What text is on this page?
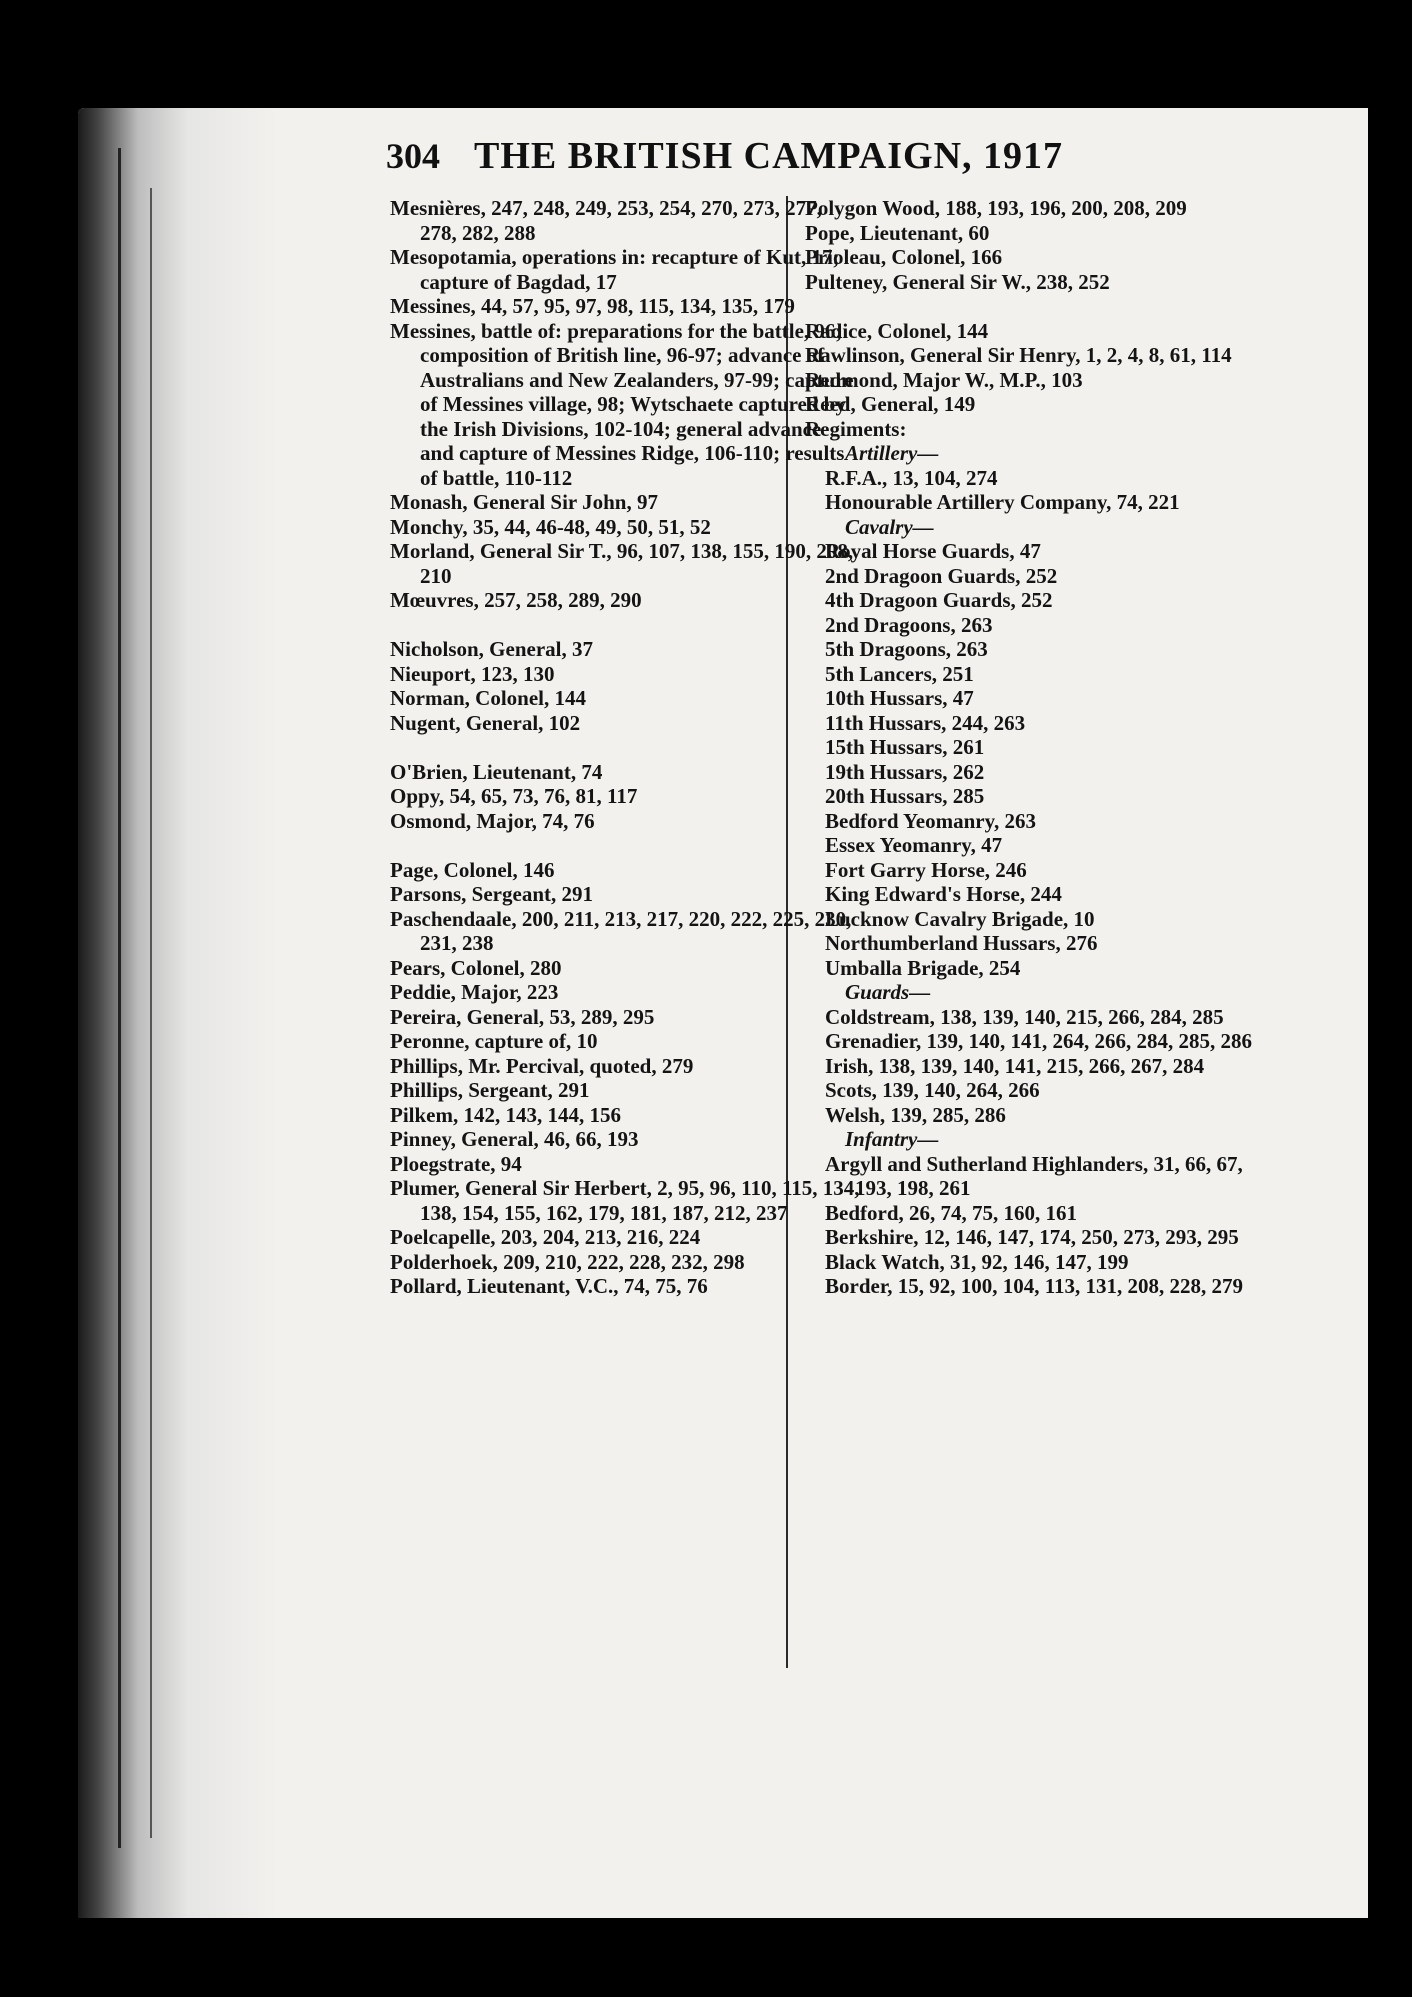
304 THE BRITISH CAMPAIGN, 1917
Mesnières, 247, 248, 249, 253, 254, 270, 273, 277, 278, 282, 288
Mesopotamia, operations in: recapture of Kut, 17; capture of Bagdad, 17
Messines, 44, 57, 95, 97, 98, 115, 134, 135, 179
Messines, battle of: preparations for the battle, 96; composition of British line, 96-97; advance of Australians and New Zealanders, 97-99; capture of Messines village, 98; Wytschaete captured by the Irish Divisions, 102-104; general advance and capture of Messines Ridge, 106-110; results of battle, 110-112
Monash, General Sir John, 97
Monchy, 35, 44, 46-48, 49, 50, 51, 52
Morland, General Sir T., 96, 107, 138, 155, 190, 208, 210
Mœuvres, 257, 258, 289, 290
Nicholson, General, 37
Nieuport, 123, 130
Norman, Colonel, 144
Nugent, General, 102
O'Brien, Lieutenant, 74
Oppy, 54, 65, 73, 76, 81, 117
Osmond, Major, 74, 76
Page, Colonel, 146
Parsons, Sergeant, 291
Paschendaale, 200, 211, 213, 217, 220, 222, 225, 230, 231, 238
Pears, Colonel, 280
Peddie, Major, 223
Pereira, General, 53, 289, 295
Peronne, capture of, 10
Phillips, Mr. Percival, quoted, 279
Phillips, Sergeant, 291
Pilkem, 142, 143, 144, 156
Pinney, General, 46, 66, 193
Ploegstrate, 94
Plumer, General Sir Herbert, 2, 95, 96, 110, 115, 134, 138, 154, 155, 162, 179, 181, 187, 212, 237
Poelcapelle, 203, 204, 213, 216, 224
Polderhoek, 209, 210, 222, 228, 232, 298
Pollard, Lieutenant, V.C., 74, 75, 76
Polygon Wood, 188, 193, 196, 200, 208, 209
Pope, Lieutenant, 60
Prioleau, Colonel, 166
Pulteney, General Sir W., 238, 252
Radice, Colonel, 144
Rawlinson, General Sir Henry, 1, 2, 4, 8, 61, 114
Redmond, Major W., M.P., 103
Reed, General, 149
Regiments:
Artillery—
R.F.A., 13, 104, 274
Honourable Artillery Company, 74, 221
Cavalry—
Royal Horse Guards, 47
2nd Dragoon Guards, 252
4th Dragoon Guards, 252
2nd Dragoons, 263
5th Dragoons, 263
5th Lancers, 251
10th Hussars, 47
11th Hussars, 244, 263
15th Hussars, 261
19th Hussars, 262
20th Hussars, 285
Bedford Yeomanry, 263
Essex Yeomanry, 47
Fort Garry Horse, 246
King Edward's Horse, 244
Lucknow Cavalry Brigade, 10
Northumberland Hussars, 276
Umballa Brigade, 254
Guards—
Coldstream, 138, 139, 140, 215, 266, 284, 285
Grenadier, 139, 140, 141, 264, 266, 284, 285, 286
Irish, 138, 139, 140, 141, 215, 266, 267, 284
Scots, 139, 140, 264, 266
Welsh, 139, 285, 286
Infantry—
Argyll and Sutherland Highlanders, 31, 66, 67, 193, 198, 261
Bedford, 26, 74, 75, 160, 161
Berkshire, 12, 146, 147, 174, 250, 273, 293, 295
Black Watch, 31, 92, 146, 147, 199
Border, 15, 92, 100, 104, 113, 131, 208, 228, 279
